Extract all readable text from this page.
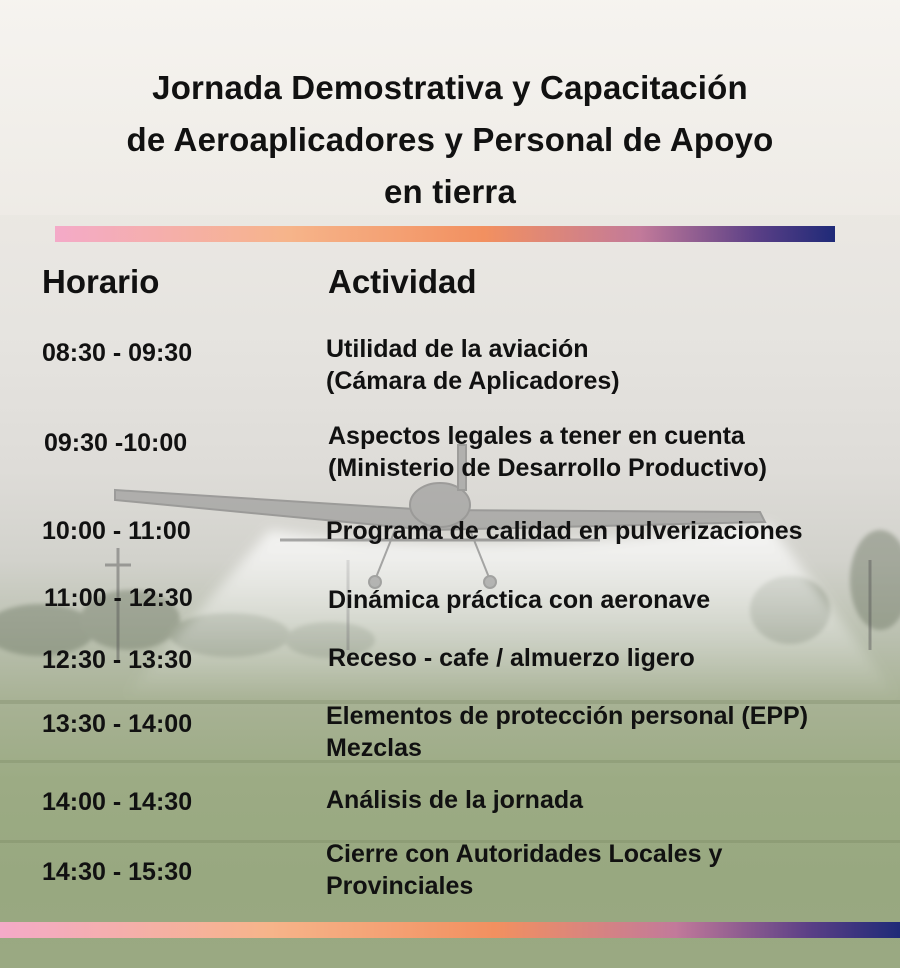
Jornada Demostrativa y Capacitación
de Aeroaplicadores y Personal de Apoyo
en tierra
Horario	Actividad
08:30 - 09:30	Utilidad de la aviación
(Cámara de Aplicadores)
09:30 -10:00	Aspectos legales a tener en cuenta
(Ministerio de Desarrollo Productivo)
10:00 - 11:00	Programa de calidad en pulverizaciones
11:00 - 12:30	Dinámica práctica con aeronave
12:30 - 13:30	Receso - cafe / almuerzo ligero
13:30 - 14:00	Elementos de protección personal (EPP)
Mezclas
14:00 - 14:30	Análisis de la jornada
14:30 - 15:30
Cierre con Autoridades Locales y
Provinciales
